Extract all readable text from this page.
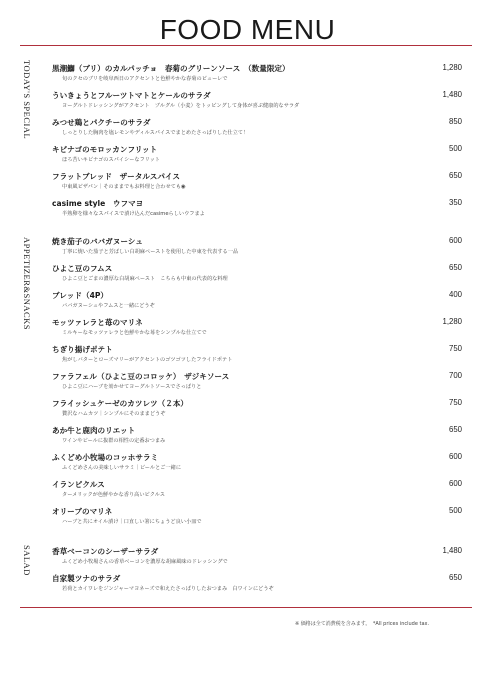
FOOD MENU
TODAY'S SPECIAL
APPETIZER&SNACKS
SALAD
黒潮鰤（ブリ）のカルパッチョ　春菊のグリーンソース　（数量限定）
旬のクセのブリを岐阜西日のアクセントと色鮮やかな春菊のピューレで
1,280
ういきょうとフルーツトマトとケールのサラダ
ヨーグルトドレッシングがアクセント　ブルグル（小麦）をトッピングして身体が喜ぶ健康的なサラダ
1,480
みつせ鶏とパクチーのサラダ
しっとりした胸肉を塩レモンやディルスパイスでまとめたさっぱりした仕立て！
850
キビナゴのモロッカンフリット
ほろ苦いキビナゴのスパイシーなフリット
500
フラットブレッド　ザータルスパイス
中東風ピザパン｜そのままでもお料理と合わせても◉
650
casime style　ウフマヨ
半熟卵を様々なスパイスで漬け込んだcasimeらしいウフまよ
350
焼き茄子のババガヌーシュ
丁寧に焼いた茄子と芳ばしい白胡麻ペーストを使用した中東を代表する一品
600
ひよこ豆のフムス
ひよこ豆とごまの濃厚な白胡麻ペースト　こちらも中東の代表的な料理
650
ブレッド（4P）
ババガヌーシュやフムスと一緒にどうぞ
400
モッツァレラと苺のマリネ
ミルキーなモッツァレラと色鮮やかな苺をシンプルな仕立てで
1,280
ちぎり揚げポテト
焦がしバターとローズマリーがアクセントのゴツゴツしたフライドポテト
750
ファラフェル（ひよこ豆のコロッケ）　ザジキソース
ひよこ豆にハーブを効かせてヨーグルトソースでさっぱりと
700
フライッシュケーゼのカツレツ（２本）
贅沢なハムカツ｜シンプルにそのままどうぞ
750
あか牛と鹿肉のリエット
ワインやビールに抜群の相性の定番おつまみ
650
ふくどめ小牧場のコッホサラミ
ふくどめさんの美味しいサラミ｜ビールとご一緒に
600
イランピクルス
ターメリックが色鮮やかな香り高いピクルス
600
オリーブのマリネ
ハーブと共にオイル漬け｜口直しい箸にちょうど良い小皿で
500
香草ベーコンのシーザーサラダ
ふくどめ小牧場さんの香草ベーコンを濃厚な胡麻風味のドレッシングで
1,480
自家製ツナのサラダ
若荷とカイワレをジンジャーマヨネーズで和えたさっぱりしたおつまみ　白ワインにどうぞ
650
※ 価格は全て消費税を含みます。　*All prices include tax.
